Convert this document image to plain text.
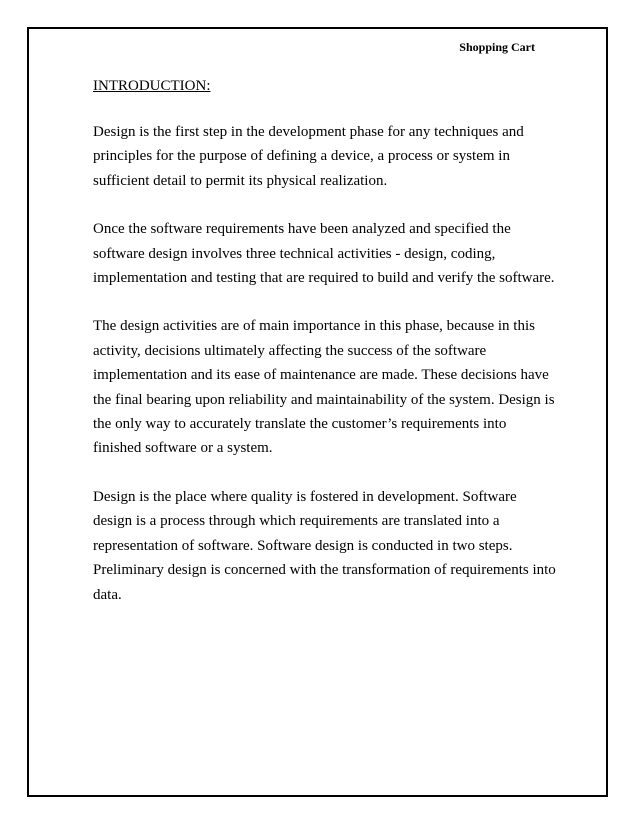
Shopping Cart
INTRODUCTION:

Design is the first step in the development phase for any techniques and
principles for the purpose of defining a device, a process or system in
sufficient detail to permit its physical realization.

Once the software requirements have been analyzed and specified the
software design involves three technical activities - design, coding,
implementation and testing that are required to build and verify the software.

The design activities are of main importance in this phase, because in this
activity, decisions ultimately affecting the success of the software
implementation and its ease of maintenance are made. These decisions have
the final bearing upon reliability and maintainability of the system. Design is
the only way to accurately translate the customer’s requirements into
finished software or a system.

Design is the place where quality is fostered in development. Software
design is a process through which requirements are translated into a
representation of software. Software design is conducted in two steps.
Preliminary design is concerned with the transformation of requirements into
data.
